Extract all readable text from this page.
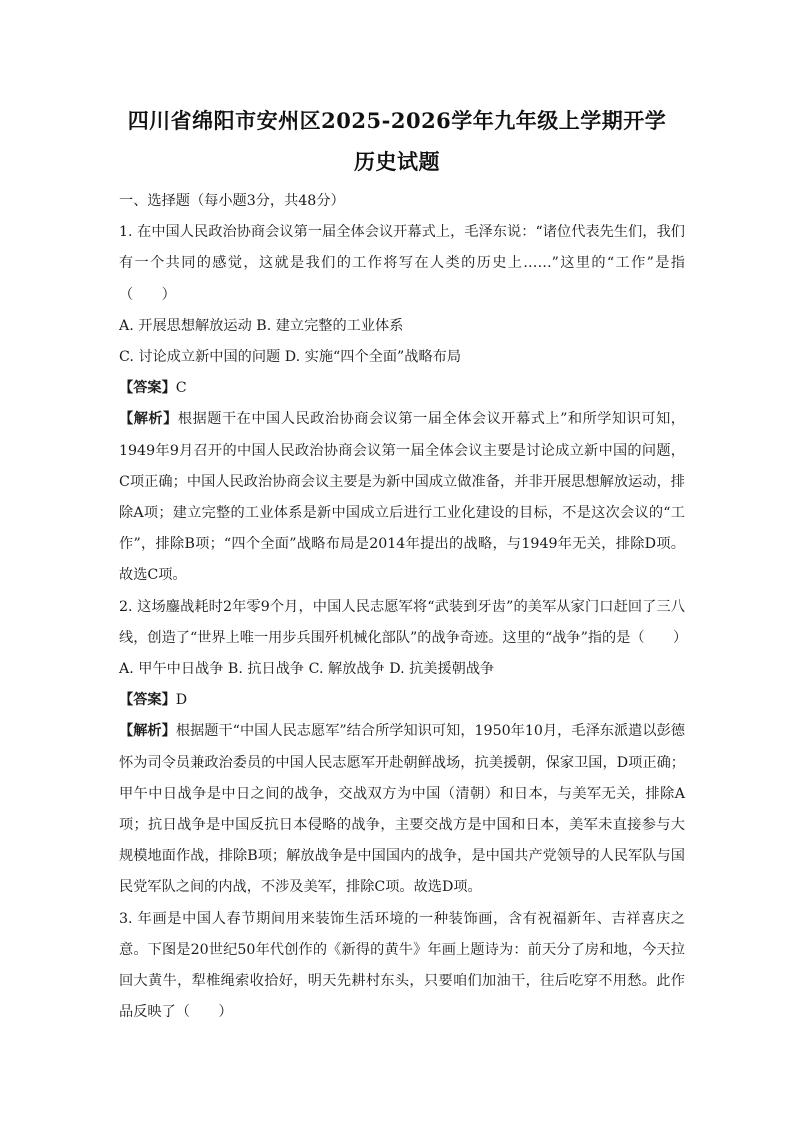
四川省绵阳市安州区2025-2026学年九年级上学期开学
历史试题

一、选择题（每小题3分，共48分）

1. 在中国人民政治协商会议第一届全体会议开幕式上，毛泽东说：“诸位代表先生们，我们有一个共同的感觉，这就是我们的工作将写在人类的历史上……”这里的“工作”是指（　　）

A. 开展思想解放运动 B. 建立完整的工业体系

C. 讨论成立新中国的问题 D. 实施“四个全面”战略布局

【答案】C

【解析】根据题干在中国人民政治协商会议第一届全体会议开幕式上”和所学知识可知，1949年9月召开的中国人民政治协商会议第一届全体会议主要是讨论成立新中国的问题，C项正确；中国人民政治协商会议主要是为新中国成立做准备，并非开展思想解放运动，排除A项；建立完整的工业体系是新中国成立后进行工业化建设的目标，不是这次会议的“工作”，排除B项；“四个全面”战略布局是2014年提出的战略，与1949年无关，排除D项。故选C项。

2. 这场鏖战耗时2年零9个月，中国人民志愿军将“武装到牙齿”的美军从家门口赶回了三八线，创造了“世界上唯一用步兵围歼机械化部队”的战争奇迹。这里的“战争”指的是（　　）

A. 甲午中日战争 B. 抗日战争 C. 解放战争 D. 抗美援朝战争

【答案】D

【解析】根据题干“中国人民志愿军”结合所学知识可知，1950年10月，毛泽东派遣以彭德怀为司令员兼政治委员的中国人民志愿军开赴朝鲜战场，抗美援朝，保家卫国，D项正确；甲午中日战争是中日之间的战争，交战双方为中国（清朝）和日本，与美军无关，排除A项；抗日战争是中国反抗日本侵略的战争，主要交战方是中国和日本，美军未直接参与大规模地面作战，排除B项；解放战争是中国国内的战争，是中国共产党领导的人民军队与国民党军队之间的内战，不涉及美军，排除C项。故选D项。

3. 年画是中国人春节期间用来装饰生活环境的一种装饰画，含有祝福新年、吉祥喜庆之意。下图是20世纪50年代创作的《新得的黄牛》年画上题诗为：前天分了房和地，今天拉回大黄牛，犁椎绳索收拾好，明天先耕村东头，只要咱们加油干，往后吃穿不用愁。此作品反映了（　　）
